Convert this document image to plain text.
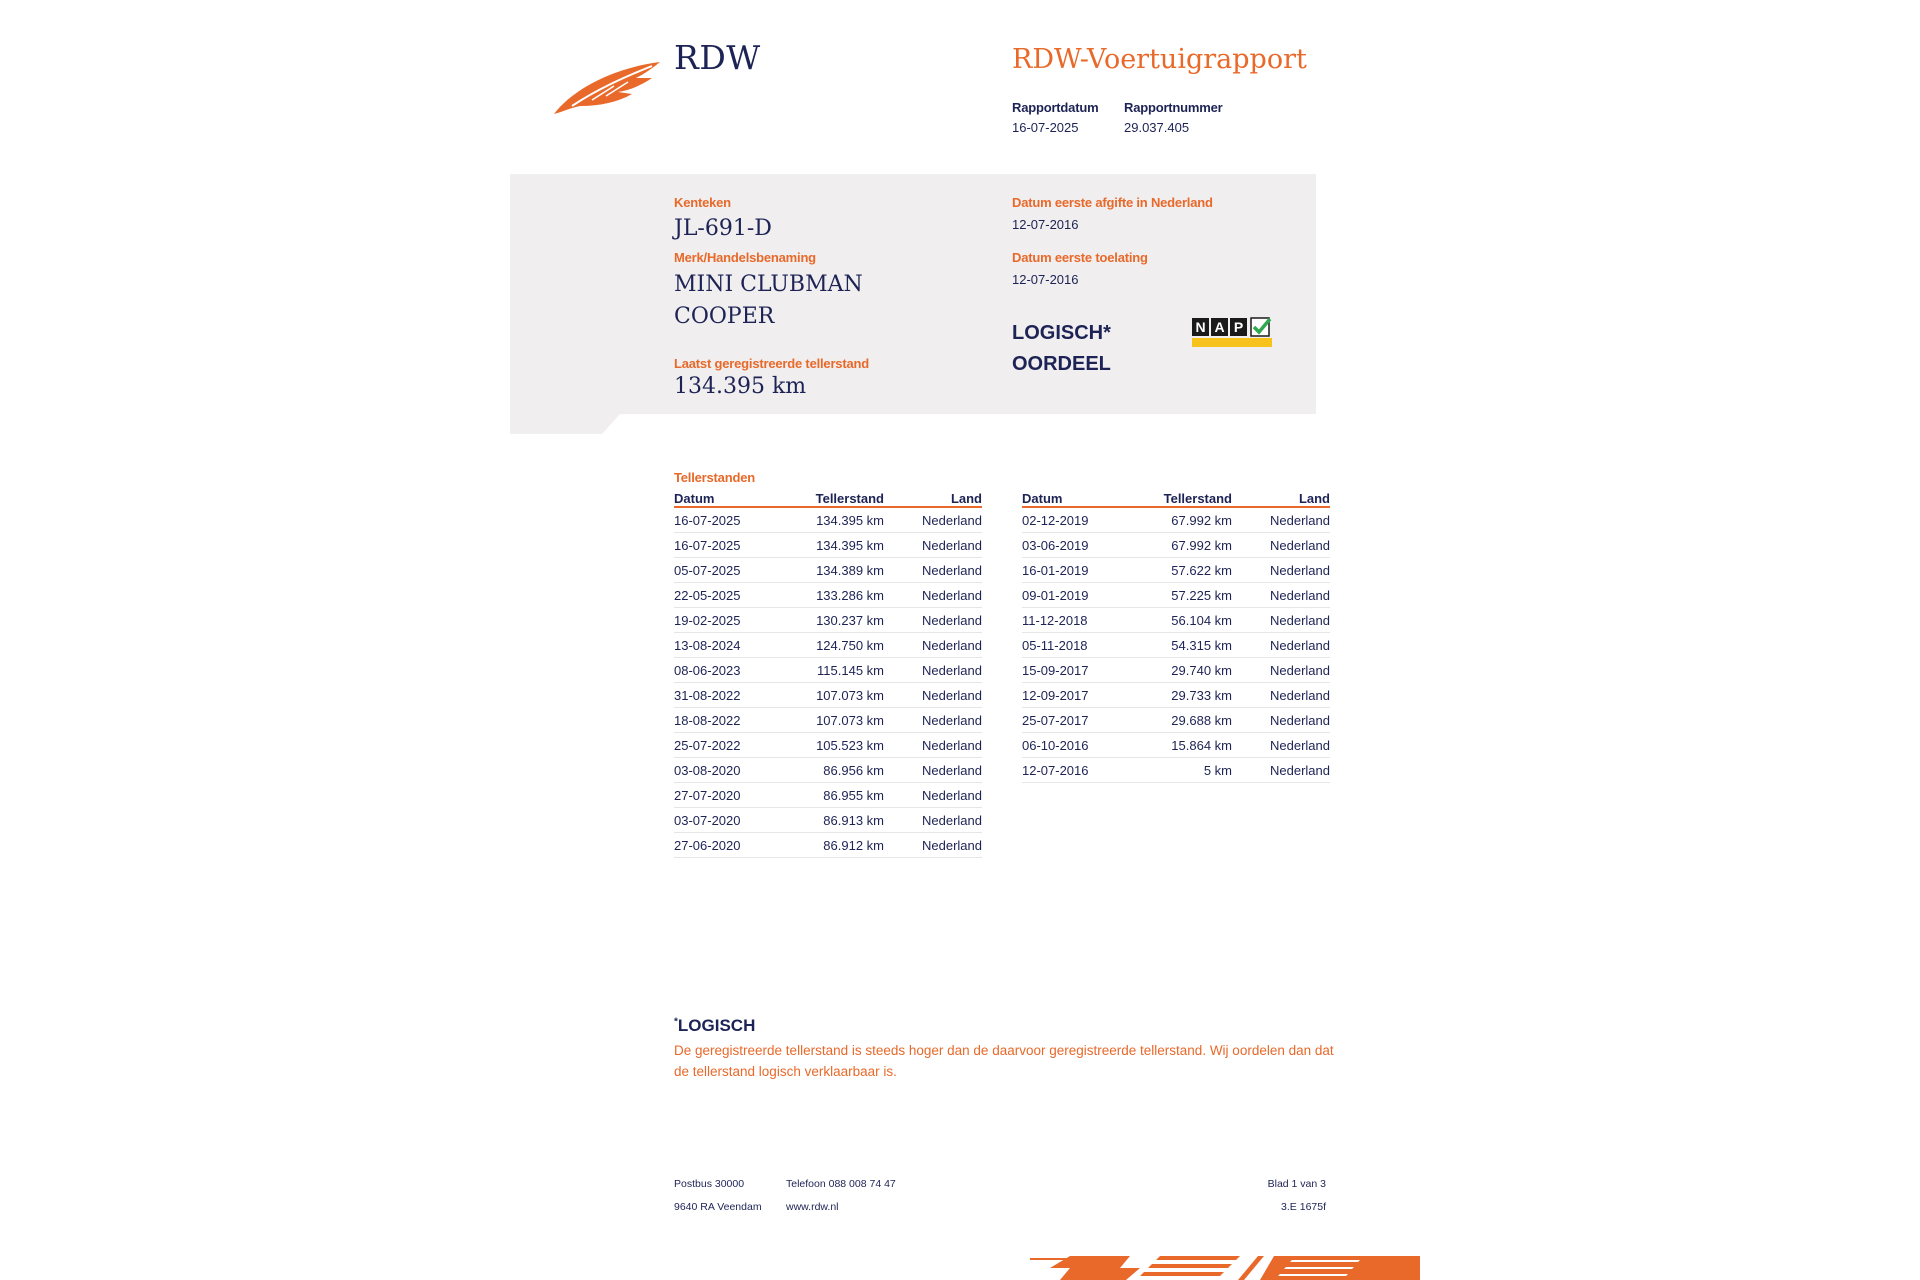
RDW	RDW-Voertuigrapport
Rapportdatum
16-07-2025
Rapportnummer
29.037.405
Kenteken
JL-691-D
Merk/Handelsbenaming
MINI CLUBMAN
COOPER
Laatst geregistreerde tellerstand
134.395 km
Datum eerste afgifte in Nederland
12-07-2016
Datum eerste toelating
12-07-2016
LOGISCH*
OORDEEL
N A P
Tellerstanden
Datum	Tellerstand	Land
16-07-2025	134.395 km	Nederland
16-07-2025	134.395 km	Nederland
05-07-2025	134.389 km	Nederland
22-05-2025	133.286 km	Nederland
19-02-2025	130.237 km	Nederland
13-08-2024	124.750 km	Nederland
08-06-2023	115.145 km	Nederland
31-08-2022	107.073 km	Nederland
18-08-2022	107.073 km	Nederland
25-07-2022	105.523 km	Nederland
03-08-2020	86.956 km	Nederland
27-07-2020	86.955 km	Nederland
03-07-2020	86.913 km	Nederland
27-06-2020	86.912 km	Nederland
Datum	Tellerstand	Land
02-12-2019	67.992 km	Nederland
03-06-2019	67.992 km	Nederland
16-01-2019	57.622 km	Nederland
09-01-2019	57.225 km	Nederland
11-12-2018	56.104 km	Nederland
05-11-2018	54.315 km	Nederland
15-09-2017	29.740 km	Nederland
12-09-2017	29.733 km	Nederland
25-07-2017	29.688 km	Nederland
06-10-2016	15.864 km	Nederland
12-07-2016	5 km	Nederland
*LOGISCH
De geregistreerde tellerstand is steeds hoger dan de daarvoor geregistreerde tellerstand. Wij oordelen dan dat de tellerstand logisch verklaarbaar is.
Postbus 30000
9640 RA Veendam
Telefoon 088 008 74 47
www.rdw.nl
Blad 1 van 3
3.E 1675f
